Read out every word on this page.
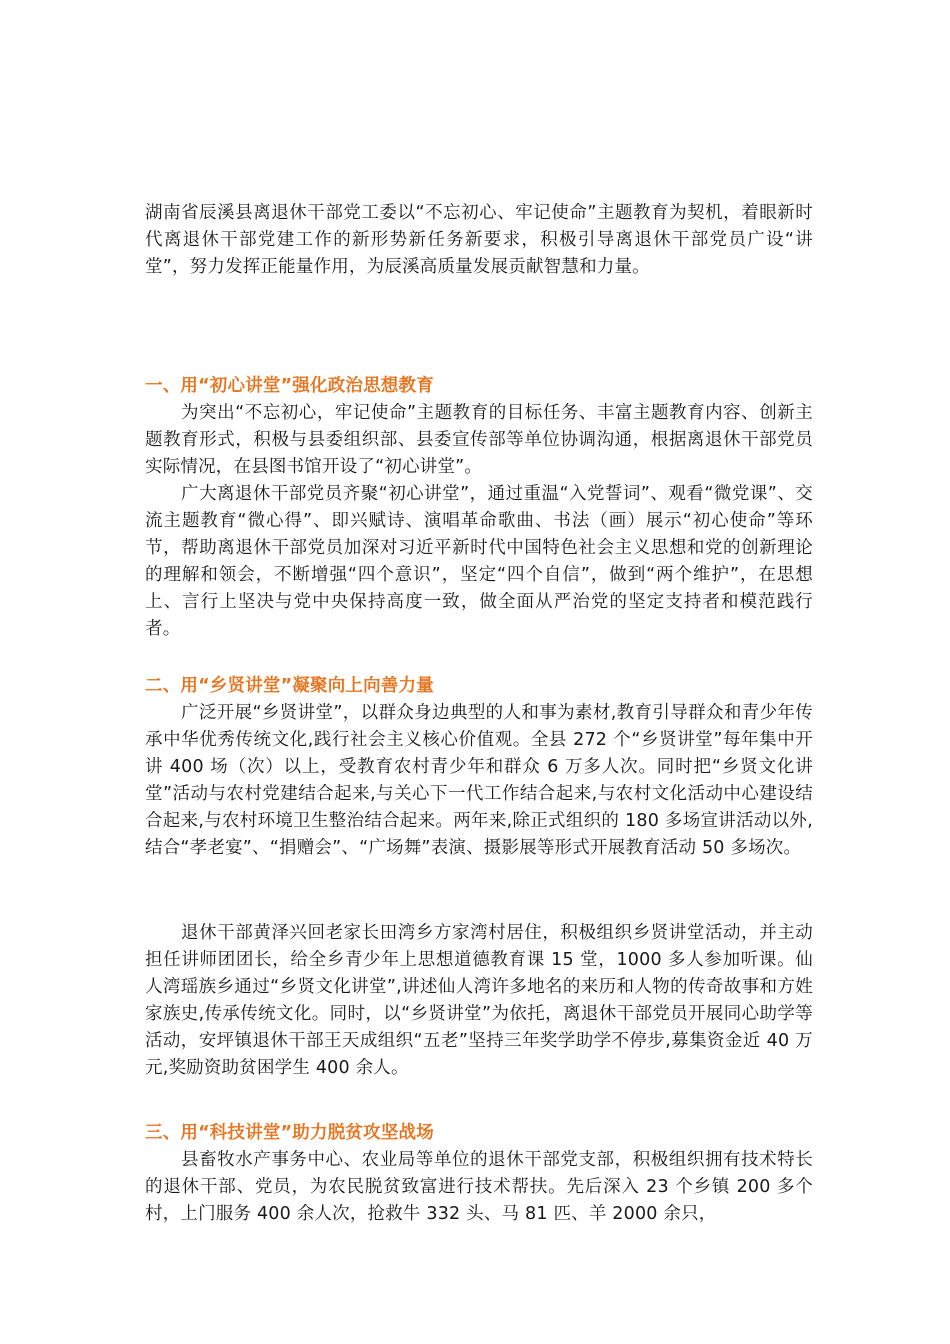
湖南省辰溪县离退休干部党工委以“不忘初心、牢记使命”主题教育为契机，着眼新时代离退休干部党建工作的新形势新任务新要求，积极引导离退休干部党员广设“讲堂”，努力发挥正能量作用，为辰溪高质量发展贡献智慧和力量。

一、用“初心讲堂”强化政治思想教育

为突出“不忘初心，牢记使命”主题教育的目标任务、丰富主题教育内容、创新主题教育形式，积极与县委组织部、县委宣传部等单位协调沟通，根据离退休干部党员实际情况，在县图书馆开设了“初心讲堂”。

广大离退休干部党员齐聚“初心讲堂”，通过重温“入党誓词”、观看“微党课”、交流主题教育“微心得”、即兴赋诗、演唱革命歌曲、书法（画）展示“初心使命”等环节，帮助离退休干部党员加深对习近平新时代中国特色社会主义思想和党的创新理论的理解和领会，不断增强“四个意识”，坚定“四个自信”，做到“两个维护”，在思想上、言行上坚决与党中央保持高度一致，做全面从严治党的坚定支持者和模范践行者。

二、用“乡贤讲堂”凝聚向上向善力量

广泛开展“乡贤讲堂”，以群众身边典型的人和事为素材,教育引导群众和青少年传承中华优秀传统文化,践行社会主义核心价值观。全县 272 个“乡贤讲堂”每年集中开讲 400 场（次）以上，受教育农村青少年和群众 6 万多人次。同时把“乡贤文化讲堂”活动与农村党建结合起来,与关心下一代工作结合起来,与农村文化活动中心建设结合起来,与农村环境卫生整治结合起来。两年来,除正式组织的 180 多场宣讲活动以外,结合“孝老宴”、“捐赠会”、“广场舞”表演、摄影展等形式开展教育活动 50 多场次。

退休干部黄泽兴回老家长田湾乡方家湾村居住，积极组织乡贤讲堂活动，并主动担任讲师团团长，给全乡青少年上思想道德教育课 15 堂，1000 多人参加听课。仙人湾瑶族乡通过“乡贤文化讲堂”,讲述仙人湾许多地名的来历和人物的传奇故事和方姓家族史,传承传统文化。同时，以“乡贤讲堂”为依托，离退休干部党员开展同心助学等活动，安坪镇退休干部王天成组织“五老”坚持三年奖学助学不停步,募集资金近 40 万元,奖励资助贫困学生 400 余人。

三、用“科技讲堂”助力脱贫攻坚战场

县畜牧水产事务中心、农业局等单位的退休干部党支部，积极组织拥有技术特长的退休干部、党员，为农民脱贫致富进行技术帮扶。先后深入 23 个乡镇 200 多个村，上门服务 400 余人次，抢救牛 332 头、马 81 匹、羊 2000 余只，
